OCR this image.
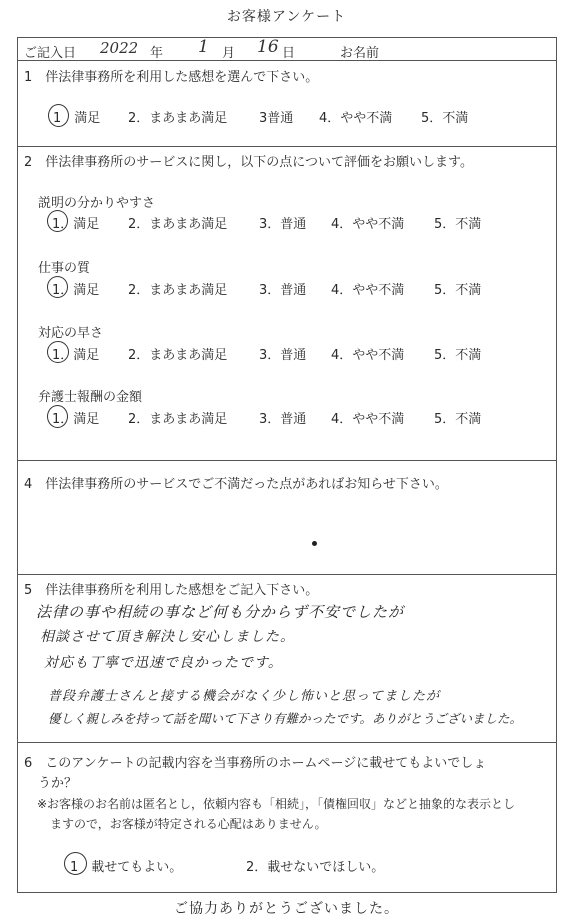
お客様アンケート
ご記入日 2022 年 1 月 16 日	お名前
1　伴法律事務所を利用した感想を選んで下さい。
1　満足 2．まあまあ満足 3普通 4．やや不満 5．不満
2　伴法律事務所のサービスに関し，以下の点について評価をお願いします。
説明の分かりやすさ
1．満足 2．まあまあ満足 3．普通 4．やや不満 5．不満
仕事の質
1．満足 2．まあまあ満足 3．普通 4．やや不満 5．不満
対応の早さ
1．満足 2．まあまあ満足 3．普通 4．やや不満 5．不満
弁護士報酬の金額
1．満足 2．まあまあ満足 3．普通 4．やや不満 5．不満
4　伴法律事務所のサービスでご不満だった点があればお知らせ下さい。
5　伴法律事務所を利用した感想をご記入下さい。
法律の事や相続の事など何も分からず不安でしたが
相談させて頂き解決し安心しました。
対応も丁寧で迅速で良かったです。
普段弁護士さんと接する機会がなく少し怖いと思ってましたが
優しく親しみを持って話を聞いて下さり有難かったです。ありがとうございました。
6　このアンケートの記載内容を当事務所のホームページに載せてもよいでしょ
うか？
※お客様のお名前は匿名とし，依頼内容も「相続」，「債権回収」などと抽象的な表示とし
ますので，お客様が特定される心配はありません。
1　載せてもよい。	2．載せないでほしい。
ご協力ありがとうございました。
